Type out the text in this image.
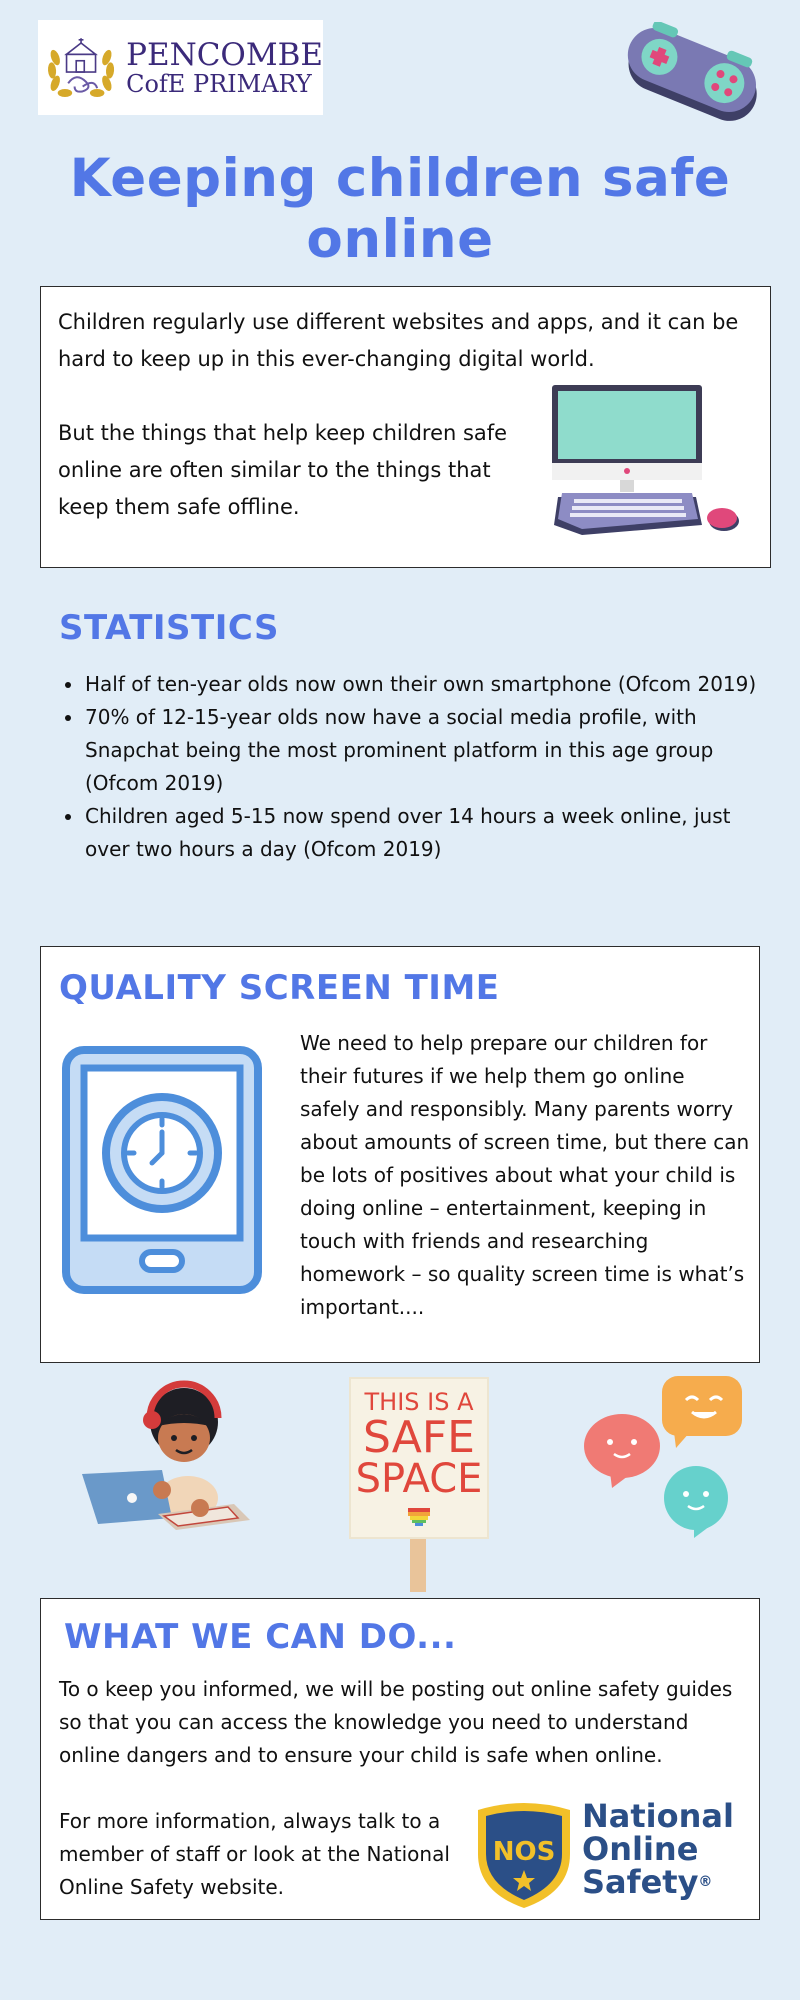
PENCOMBE
CofE PRIMARY
Keeping children safe online
Children regularly use different websites and apps, and it can be hard to keep up in this ever-changing digital world.
But the things that help keep children safe online are often similar to the things that keep them safe offline.
STATISTICS
Half of ten-year olds now own their own smartphone (Ofcom 2019)
70% of 12-15-year olds now have a social media profile, with Snapchat being the most prominent platform in this age group (Ofcom 2019)
Children aged 5-15 now spend over 14 hours a week online, just over two hours a day (Ofcom 2019)
QUALITY SCREEN TIME
We need to help prepare our children for their futures if we help them go online safely and responsibly. Many parents worry about amounts of screen time, but there can be lots of positives about what your child is doing online – entertainment, keeping in touch with friends and researching homework – so quality screen time is what’s important....
THIS IS A
SAFE
SPACE
WHAT WE CAN DO...
To o keep you informed, we will be posting out online safety guides so that you can access the knowledge you need to understand online dangers and to ensure your child is safe when online.
For more information, always talk to a member of staff or look at the National Online Safety website.
NOS
National
Online
Safety®
